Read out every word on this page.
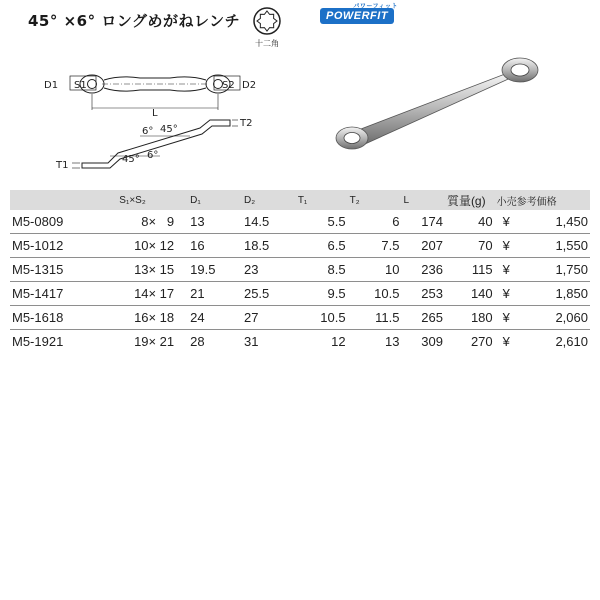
45° ×6° ロングめがねレンチ
十二角
POWERFIT
パワーフィット
D1 S1	S2 D2
L
T2
T1
6° 45°
45° 6°
	S₁×S₂	D₁	D₂	T₁	T₂	L	質量(g)	小売参考価格	
M5-0809	8× 9	13	14.5	5.5	6	174	40	¥	1,450
M5-1012	10× 12	16	18.5	6.5	7.5	207	70	¥	1,550
M5-1315	13× 15	19.5	23	8.5	10	236	115	¥	1,750
M5-1417	14× 17	21	25.5	9.5	10.5	253	140	¥	1,850
M5-1618	16× 18	24	27	10.5	11.5	265	180	¥	2,060
M5-1921	19× 21	28	31	12	13	309	270	¥	2,610
